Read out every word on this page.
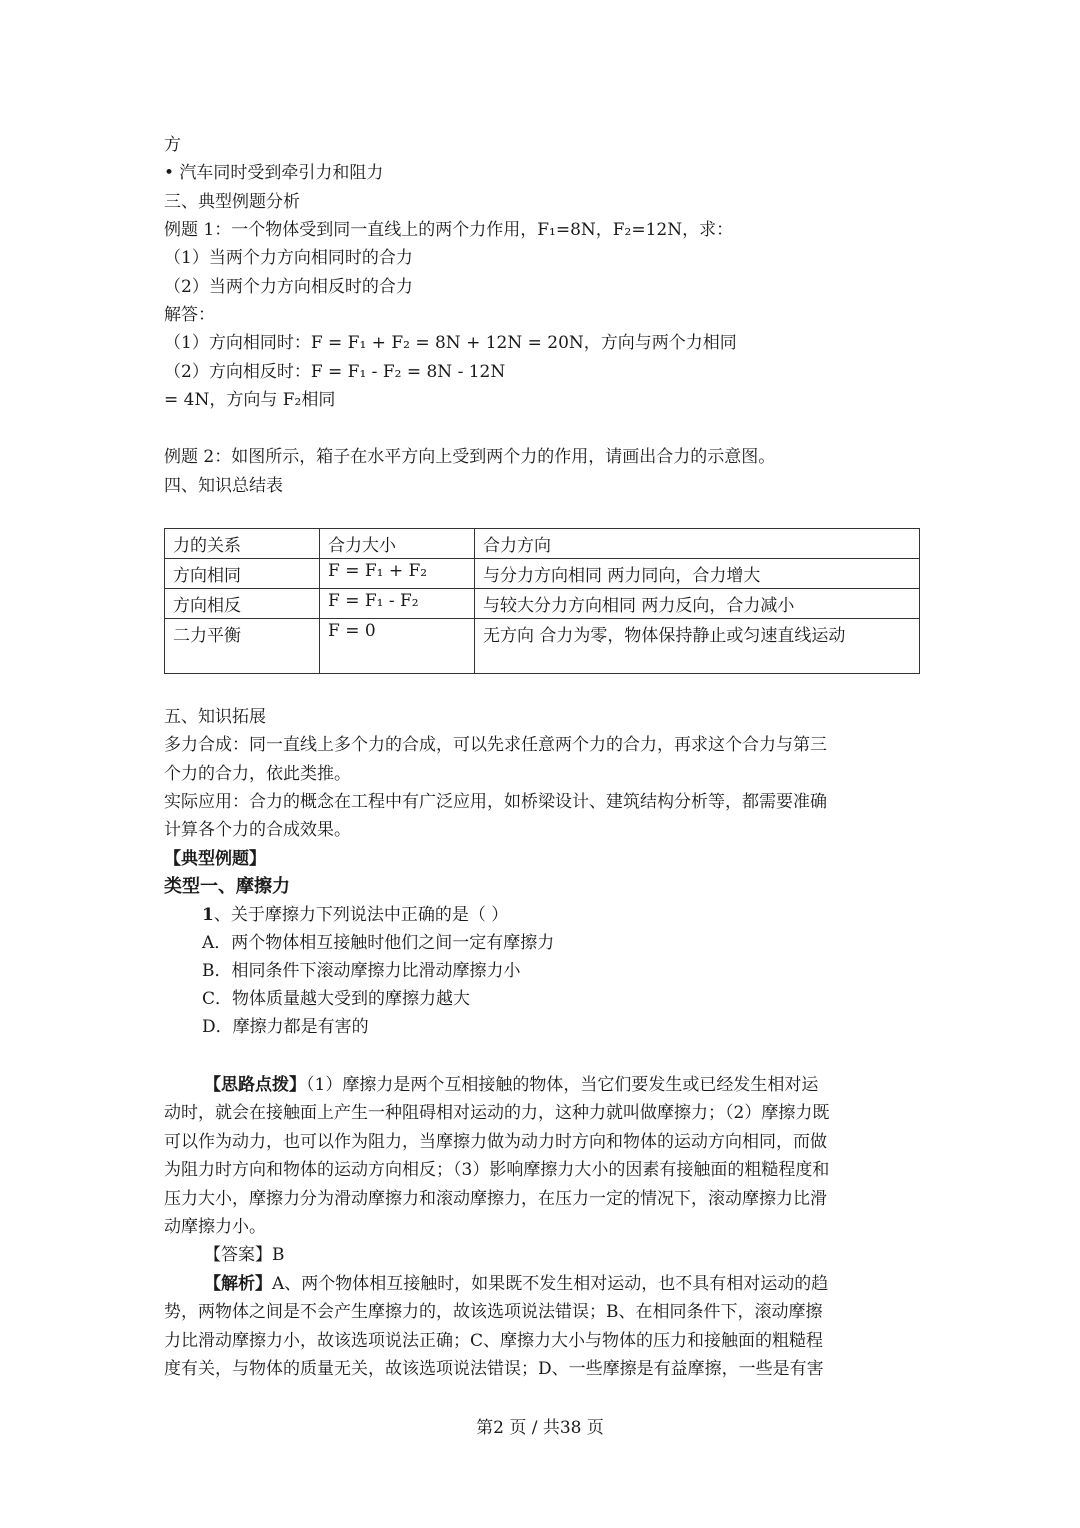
方
• 汽车同时受到牵引力和阻力
三、典型例题分析
例题 1：一个物体受到同一直线上的两个力作用，F₁=8N，F₂=12N，求：
（1）当两个力方向相同时的合力
（2）当两个力方向相反时的合力
解答：
（1）方向相同时：F = F₁ + F₂ = 8N + 12N = 20N，方向与两个力相同
（2）方向相反时：F = F₁ - F₂ = 8N - 12N
= 4N，方向与 F₂相同
例题 2：如图所示，箱子在水平方向上受到两个力的作用，请画出合力的示意图。
四、知识总结表
力的关系	合力大小	合力方向
方向相同	F = F₁ + F₂	与分力方向相同 两力同向，合力增大
方向相反	F = F₁ - F₂	与较大分力方向相同 两力反向，合力减小
二力平衡	F = 0	无方向 合力为零，物体保持静止或匀速直线运动
五、知识拓展
多力合成：同一直线上多个力的合成，可以先求任意两个力的合力，再求这个合力与第三
个力的合力，依此类推。
实际应用：合力的概念在工程中有广泛应用，如桥梁设计、建筑结构分析等，都需要准确
计算各个力的合成效果。
【典型例题】
类型一、摩擦力
1、关于摩擦力下列说法中正确的是（ ）
A．两个物体相互接触时他们之间一定有摩擦力
B．相同条件下滚动摩擦力比滑动摩擦力小
C．物体质量越大受到的摩擦力越大
D．摩擦力都是有害的
【思路点拨】（1）摩擦力是两个互相接触的物体，当它们要发生或已经发生相对运
动时，就会在接触面上产生一种阻碍相对运动的力，这种力就叫做摩擦力；（2）摩擦力既
可以作为动力，也可以作为阻力，当摩擦力做为动力时方向和物体的运动方向相同，而做
为阻力时方向和物体的运动方向相反；（3）影响摩擦力大小的因素有接触面的粗糙程度和
压力大小，摩擦力分为滑动摩擦力和滚动摩擦力，在压力一定的情况下，滚动摩擦力比滑
动摩擦力小。
【答案】B
【解析】A、两个物体相互接触时，如果既不发生相对运动，也不具有相对运动的趋
势，两物体之间是不会产生摩擦力的，故该选项说法错误；B、在相同条件下，滚动摩擦
力比滑动摩擦力小，故该选项说法正确；C、摩擦力大小与物体的压力和接触面的粗糙程
度有关，与物体的质量无关，故该选项说法错误；D、一些摩擦是有益摩擦，一些是有害
第2 页 / 共38 页
